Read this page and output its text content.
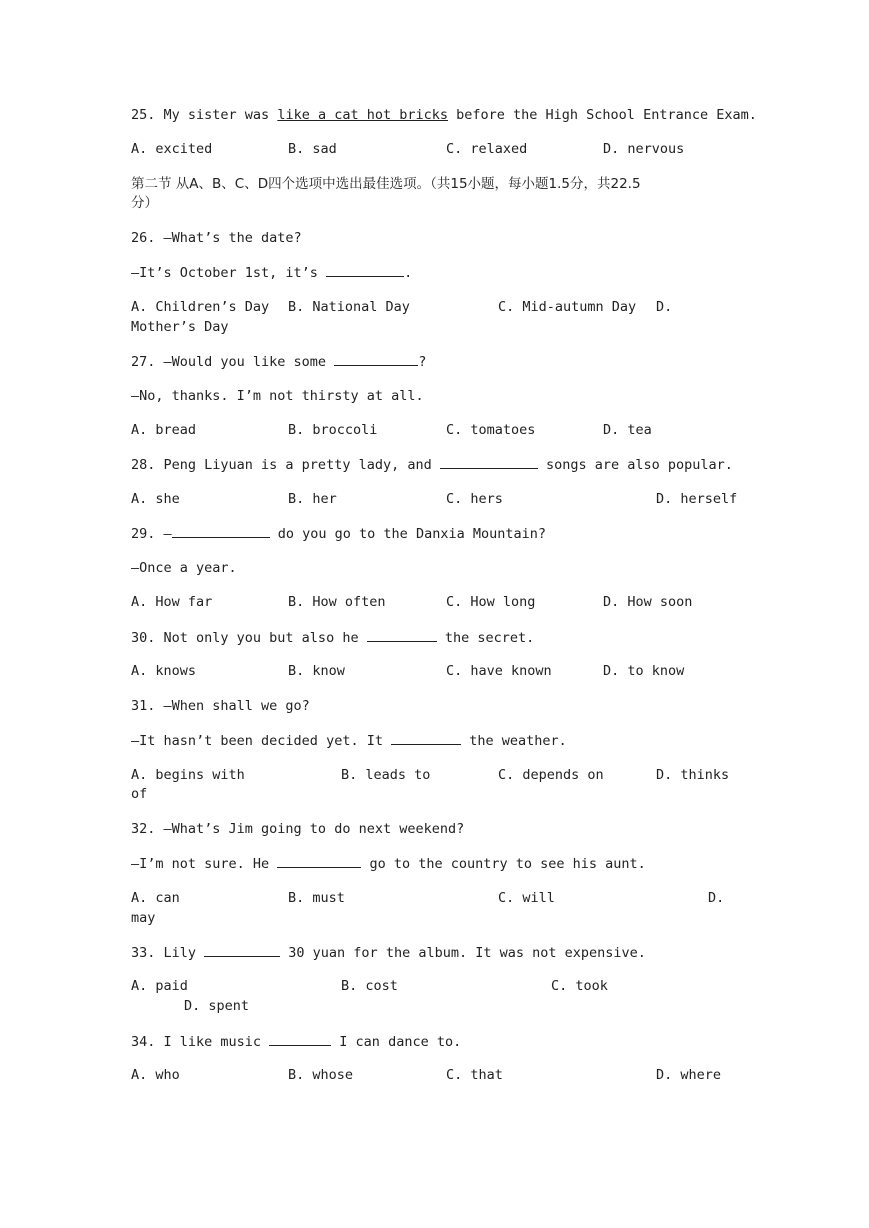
25. My sister was like a cat hot bricks before the High School Entrance Exam.
A. excited	B. sad	C. relaxed	D. nervous
第二节 从A、B、C、D四个选项中选出最佳选项。（共15小题，每小题1.5分，共22.5
分）
26. —What’s the date?
—It’s October 1st, it’s	.
A. Children’s Day B. National Day	C. Mid-autumn Day D.
Mother’s Day
27. —Would you like some	?
—No, thanks. I’m not thirsty at all.
A. bread	B. broccoli	C. tomatoes	D. tea
28. Peng Liyuan is a pretty lady, and	songs are also popular.
A. she	B. her	C. hers	D. herself
29. —	do you go to the Danxia Mountain?
—Once a year.
A. How far	B. How often	C. How long	D. How soon
30. Not only you but also he	the secret.
A. knows	B. know	C. have known	D. to know
31. —When shall we go?
—It hasn’t been decided yet. It	the weather.
A. begins with	B. leads to	C. depends on	D. thinks
of
32. —What’s Jim going to do next weekend?
—I’m not sure. He	go to the country to see his aunt.
A. can	B. must	C. will	D.
may
33. Lily	30 yuan for the album. It was not expensive.
A. paid	B. cost	C. took
D. spent
34. I like music	I can dance to.
A. who	B. whose	C. that	D. where
